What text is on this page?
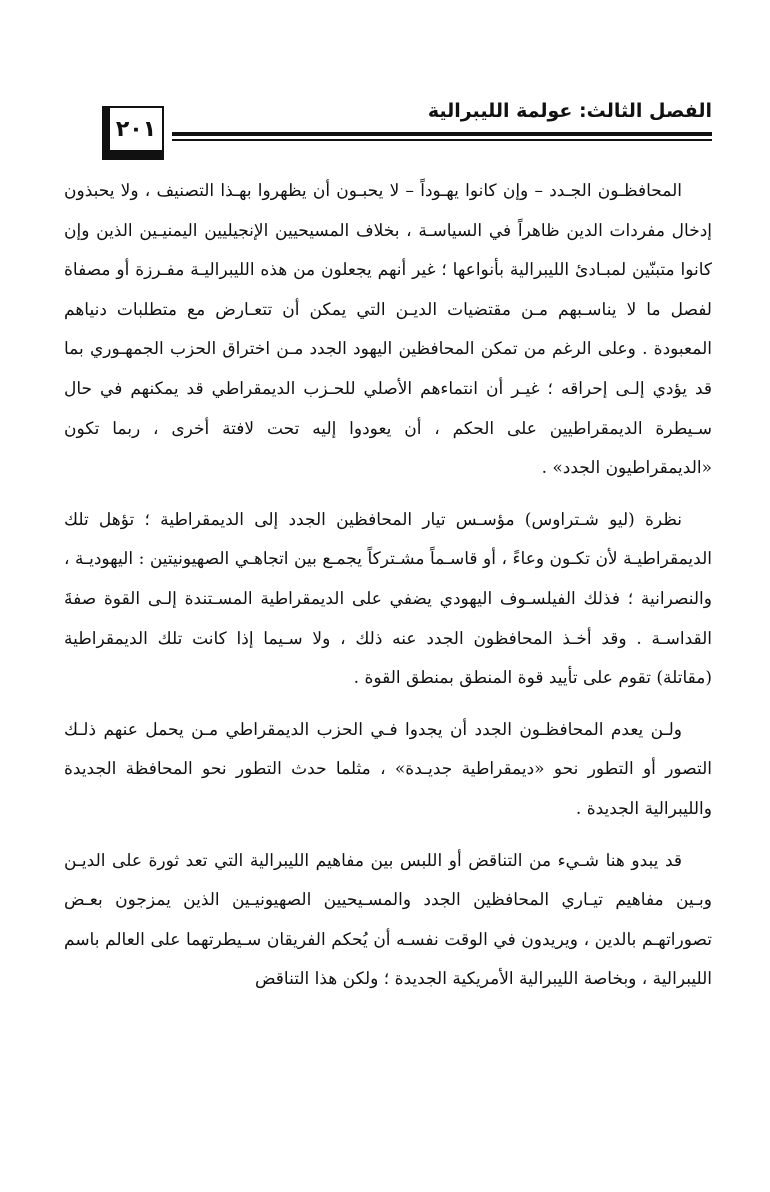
الفصل الثالث: عولمة الليبرالية
٢٠١

المحافظـون الجـدد – وإن كانوا يهـوداً – لا يحبـون أن يظهروا بهـذا التصنيف ، ولا يحبذون إدخال مفردات الدين ظاهراً في السياسـة ، بخلاف المسيحيين الإنجيليين اليمنيـين الذين وإن كانوا متبنّين لمبـادئ الليبرالية بأنواعها ؛ غير أنهم يجعلون من هذه الليبراليـة مفـرزة أو مصفاة لفصل ما لا يناسـبهم مـن مقتضيات الديـن التي يمكن أن تتعـارض مع متطلبات دنياهم المعبودة . وعلى الرغم من تمكن المحافظين اليهود الجدد مـن اختراق الحزب الجمهـوري بما قد يؤدي إلـى إحراقه ؛ غيـر أن انتماءهم الأصلي للحـزب الديمقراطي قد يمكنهم في حال سـيطرة الديمقراطيين على الحكم ، أن يعودوا إليه تحت لافتة أخرى ، ربما تكون «الديمقراطيون الجدد» .

نظرة (ليو شـتراوس) مؤسـس تيار المحافظين الجدد إلى الديمقراطية ؛ تؤهل تلك الديمقراطيـة لأن تكـون وعاءً ، أو قاسـماً مشـتركاً يجمـع بين اتجاهـي الصهيونيتين : اليهوديـة ، والنصرانية ؛ فذلك الفيلسـوف اليهودي يضفي على الديمقراطية المسـتندة إلـى القوة صفةَ القداسـة . وقد أخـذ المحافظون الجدد عنه ذلك ، ولا سـيما إذا كانت تلك الديمقراطية (مقاتلة) تقوم على تأييد قوة المنطق بمنطق القوة .

ولـن يعدم المحافظـون الجدد أن يجدوا فـي الحزب الديمقراطي مـن يحمل عنهم ذلـك التصور أو التطور نحو «ديمقراطية جديـدة» ، مثلما حدث التطور نحو المحافظة الجديدة والليبرالية الجديدة .

قد يبدو هنا شـيء من التناقض أو اللبس بين مفاهيم الليبرالية التي تعد ثورة على الديـن وبـين مفاهيم تيـاري المحافظين الجدد والمسـيحيين الصهيونيـين الذين يمزجون بعـض تصوراتهـم بالدين ، ويريدون في الوقت نفسـه أن يُحكم الفريقان سـيطرتهما على العالم باسم الليبرالية ، وبخاصة الليبرالية الأمريكية الجديدة ؛ ولكن هذا التناقض
